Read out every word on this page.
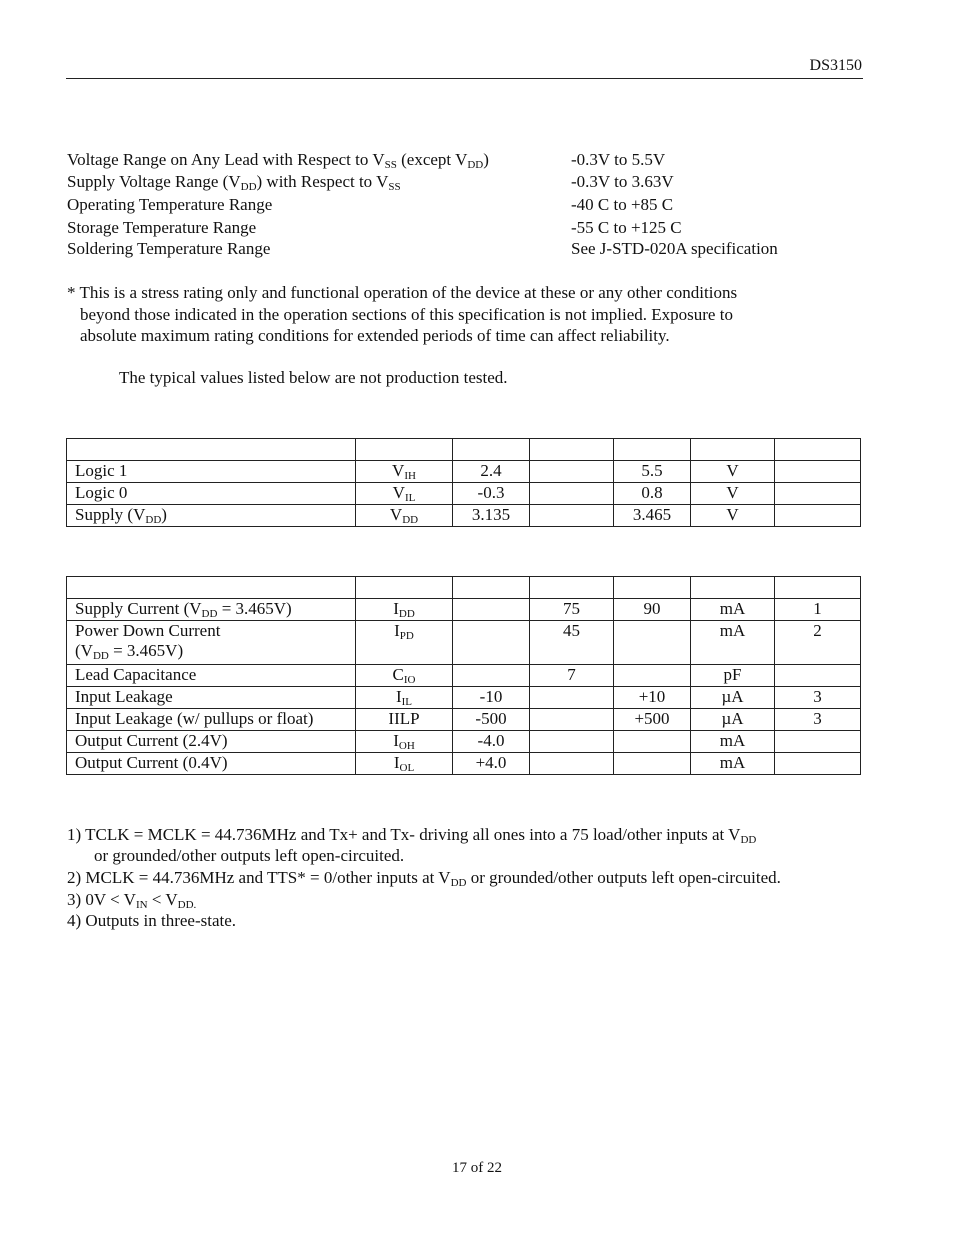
DS3150
Voltage Range on Any Lead with Respect to $V_{SS}$ (except $V_{DD}$)	-0.3V to 5.5V
Supply Voltage Range $(V_{DD})$ with Respect to $V_{SS}$	-0.3V to 3.63V
Operating Temperature Range	-40 C to +85 C
Storage Temperature Range	-55 C to +125 C
Soldering Temperature Range	See J-STD-020A specification
* This is a stress rating only and functional operation of the device at these or any other conditions
beyond those indicated in the operation sections of this specification is not implied. Exposure to
absolute maximum rating conditions for extended periods of time can affect reliability.
The typical values listed below are not production tested.

Logic 1	$V_{IH}$	2.4		5.5	V	
Logic 0	$V_{IL}$	-0.3		0.8	V	
Supply $(V_{DD})$	$V_{DD}$	3.135		3.465	V	

Supply Current $(V_{DD} = 3.465V)$	$I_{DD}$		75	90	mA	1
Power Down Current
$(V_{DD} = 3.465V)$	$I_{PD}$		45		mA	2
Lead Capacitance	$C_{IO}$		7		pF	
Input Leakage	$I_{IL}$	-10		+10	µA	3
Input Leakage (w/ pullups or float)	IILP	-500		+500	µA	3
Output Current (2.4V)	$I_{OH}$	-4.0			mA	
Output Current (0.4V)	$I_{OL}$	+4.0			mA	
1) TCLK = MCLK = 44.736MHz and Tx+ and Tx- driving all ones into a 75 load/other inputs at $V_{DD}$
or grounded/other outputs left open-circuited.
2) MCLK = 44.736MHz and TTS* = 0/other inputs at $V_{DD}$ or grounded/other outputs left open-circuited.
3) $0V < V_{IN} < V_{DD.}$
4) Outputs in three-state.
17 of 22
